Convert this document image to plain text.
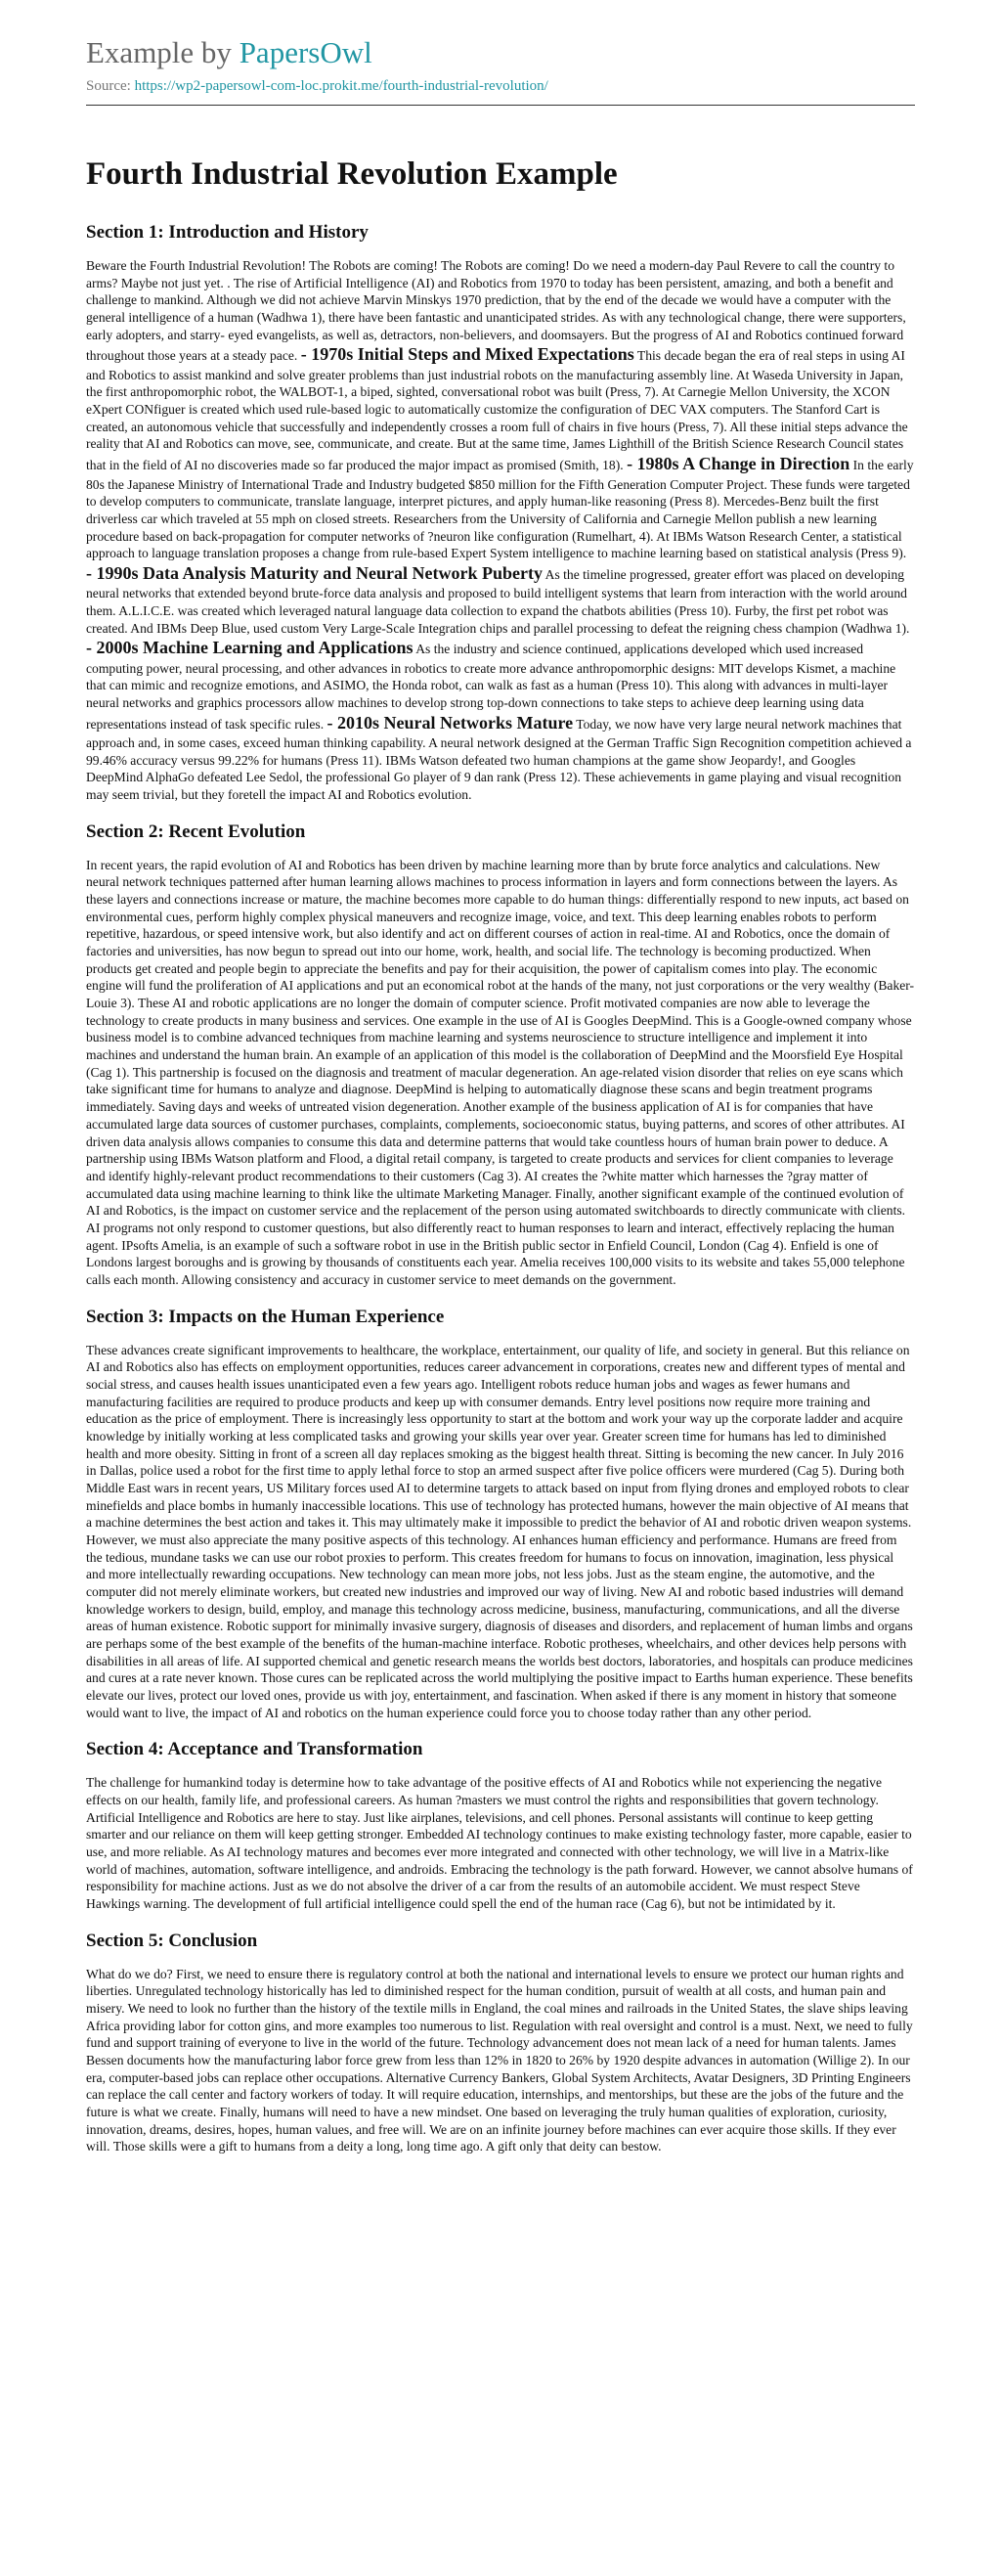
Example by PapersOwl

Source: https://wp2-papersowl-com-loc.prokit.me/fourth-industrial-revolution/

Fourth Industrial Revolution Example
Section 1: Introduction and History

Beware the Fourth Industrial Revolution! The Robots are coming! The Robots are coming! Do we need a modern-day Paul Revere to call the country to arms? Maybe not just yet. . The rise of Artificial Intelligence (AI) and Robotics from 1970 to today has been persistent, amazing, and both a benefit and challenge to mankind. Although we did not achieve Marvin Minskys 1970 prediction, that by the end of the decade we would have a computer with the general intelligence of a human (Wadhwa 1), there have been fantastic and unanticipated strides. As with any technological change, there were supporters, early adopters, and starry- eyed evangelists, as well as, detractors, non-believers, and doomsayers. But the progress of AI and Robotics continued forward throughout those years at a steady pace. - 1970s Initial Steps and Mixed Expectations This decade began the era of real steps in using AI and Robotics to assist mankind and solve greater problems than just industrial robots on the manufacturing assembly line. At Waseda University in Japan, the first anthropomorphic robot, the WALBOT-1, a biped, sighted, conversational robot was built (Press, 7). At Carnegie Mellon University, the XCON eXpert CONfiguer is created which used rule-based logic to automatically customize the configuration of DEC VAX computers. The Stanford Cart is created, an autonomous vehicle that successfully and independently crosses a room full of chairs in five hours (Press, 7). All these initial steps advance the reality that AI and Robotics can move, see, communicate, and create. But at the same time, James Lighthill of the British Science Research Council states that in the field of AI no discoveries made so far produced the major impact as promised (Smith, 18). - 1980s A Change in Direction In the early 80s the Japanese Ministry of International Trade and Industry budgeted $850 million for the Fifth Generation Computer Project. These funds were targeted to develop computers to communicate, translate language, interpret pictures, and apply human-like reasoning (Press 8). Mercedes-Benz built the first driverless car which traveled at 55 mph on closed streets. Researchers from the University of California and Carnegie Mellon publish a new learning procedure based on back-propagation for computer networks of ?neuron like configuration (Rumelhart, 4). At IBMs Watson Research Center, a statistical approach to language translation proposes a change from rule-based Expert System intelligence to machine learning based on statistical analysis (Press 9). - 1990s Data Analysis Maturity and Neural Network Puberty As the timeline progressed, greater effort was placed on developing neural networks that extended beyond brute-force data analysis and proposed to build intelligent systems that learn from interaction with the world around them. A.L.I.C.E. was created which leveraged natural language data collection to expand the chatbots abilities (Press 10). Furby, the first pet robot was created. And IBMs Deep Blue, used custom Very Large-Scale Integration chips and parallel processing to defeat the reigning chess champion (Wadhwa 1). - 2000s Machine Learning and Applications As the industry and science continued, applications developed which used increased computing power, neural processing, and other advances in robotics to create more advance anthropomorphic designs: MIT develops Kismet, a machine that can mimic and recognize emotions, and ASIMO, the Honda robot, can walk as fast as a human (Press 10). This along with advances in multi-layer neural networks and graphics processors allow machines to develop strong top-down connections to take steps to achieve deep learning using data representations instead of task specific rules. - 2010s Neural Networks Mature Today, we now have very large neural network machines that approach and, in some cases, exceed human thinking capability. A neural network designed at the German Traffic Sign Recognition competition achieved a 99.46% accuracy versus 99.22% for humans (Press 11). IBMs Watson defeated two human champions at the game show Jeopardy!, and Googles DeepMind AlphaGo defeated Lee Sedol, the professional Go player of 9 dan rank (Press 12). These achievements in game playing and visual recognition may seem trivial, but they foretell the impact AI and Robotics evolution.

Section 2: Recent Evolution

In recent years, the rapid evolution of AI and Robotics has been driven by machine learning more than by brute force analytics and calculations. New neural network techniques patterned after human learning allows machines to process information in layers and form connections between the layers. As these layers and connections increase or mature, the machine becomes more capable to do human things: differentially respond to new inputs, act based on environmental cues, perform highly complex physical maneuvers and recognize image, voice, and text. This deep learning enables robots to perform repetitive, hazardous, or speed intensive work, but also identify and act on different courses of action in real-time. AI and Robotics, once the domain of factories and universities, has now begun to spread out into our home, work, health, and social life. The technology is becoming productized. When products get created and people begin to appreciate the benefits and pay for their acquisition, the power of capitalism comes into play. The economic engine will fund the proliferation of AI applications and put an economical robot at the hands of the many, not just corporations or the very wealthy (Baker-Louie 3). These AI and robotic applications are no longer the domain of computer science. Profit motivated companies are now able to leverage the technology to create products in many business and services. One example in the use of AI is Googles DeepMind. This is a Google-owned company whose business model is to combine advanced techniques from machine learning and systems neuroscience to structure intelligence and implement it into machines and understand the human brain. An example of an application of this model is the collaboration of DeepMind and the Moorsfield Eye Hospital (Cag 1). This partnership is focused on the diagnosis and treatment of macular degeneration. An age-related vision disorder that relies on eye scans which take significant time for humans to analyze and diagnose. DeepMind is helping to automatically diagnose these scans and begin treatment programs immediately. Saving days and weeks of untreated vision degeneration. Another example of the business application of AI is for companies that have accumulated large data sources of customer purchases, complaints, complements, socioeconomic status, buying patterns, and scores of other attributes. AI driven data analysis allows companies to consume this data and determine patterns that would take countless hours of human brain power to deduce. A partnership using IBMs Watson platform and Flood, a digital retail company, is targeted to create products and services for client companies to leverage and identify highly-relevant product recommendations to their customers (Cag 3). AI creates the ?white matter which harnesses the ?gray matter of accumulated data using machine learning to think like the ultimate Marketing Manager. Finally, another significant example of the continued evolution of AI and Robotics, is the impact on customer service and the replacement of the person using automated switchboards to directly communicate with clients. AI programs not only respond to customer questions, but also differently react to human responses to learn and interact, effectively replacing the human agent. IPsofts Amelia, is an example of such a software robot in use in the British public sector in Enfield Council, London (Cag 4). Enfield is one of Londons largest boroughs and is growing by thousands of constituents each year. Amelia receives 100,000 visits to its website and takes 55,000 telephone calls each month. Allowing consistency and accuracy in customer service to meet demands on the government.

Section 3: Impacts on the Human Experience

These advances create significant improvements to healthcare, the workplace, entertainment, our quality of life, and society in general. But this reliance on AI and Robotics also has effects on employment opportunities, reduces career advancement in corporations, creates new and different types of mental and social stress, and causes health issues unanticipated even a few years ago. Intelligent robots reduce human jobs and wages as fewer humans and manufacturing facilities are required to produce products and keep up with consumer demands. Entry level positions now require more training and education as the price of employment. There is increasingly less opportunity to start at the bottom and work your way up the corporate ladder and acquire knowledge by initially working at less complicated tasks and growing your skills year over year. Greater screen time for humans has led to diminished health and more obesity. Sitting in front of a screen all day replaces smoking as the biggest health threat. Sitting is becoming the new cancer. In July 2016 in Dallas, police used a robot for the first time to apply lethal force to stop an armed suspect after five police officers were murdered (Cag 5). During both Middle East wars in recent years, US Military forces used AI to determine targets to attack based on input from flying drones and employed robots to clear minefields and place bombs in humanly inaccessible locations. This use of technology has protected humans, however the main objective of AI means that a machine determines the best action and takes it. This may ultimately make it impossible to predict the behavior of AI and robotic driven weapon systems. However, we must also appreciate the many positive aspects of this technology. AI enhances human efficiency and performance. Humans are freed from the tedious, mundane tasks we can use our robot proxies to perform. This creates freedom for humans to focus on innovation, imagination, less physical and more intellectually rewarding occupations. New technology can mean more jobs, not less jobs. Just as the steam engine, the automotive, and the computer did not merely eliminate workers, but created new industries and improved our way of living. New AI and robotic based industries will demand knowledge workers to design, build, employ, and manage this technology across medicine, business, manufacturing, communications, and all the diverse areas of human existence. Robotic support for minimally invasive surgery, diagnosis of diseases and disorders, and replacement of human limbs and organs are perhaps some of the best example of the benefits of the human-machine interface. Robotic protheses, wheelchairs, and other devices help persons with disabilities in all areas of life. AI supported chemical and genetic research means the worlds best doctors, laboratories, and hospitals can produce medicines and cures at a rate never known. Those cures can be replicated across the world multiplying the positive impact to Earths human experience. These benefits elevate our lives, protect our loved ones, provide us with joy, entertainment, and fascination. When asked if there is any moment in history that someone would want to live, the impact of AI and robotics on the human experience could force you to choose today rather than any other period.

Section 4: Acceptance and Transformation

The challenge for humankind today is determine how to take advantage of the positive effects of AI and Robotics while not experiencing the negative effects on our health, family life, and professional careers. As human ?masters we must control the rights and responsibilities that govern technology. Artificial Intelligence and Robotics are here to stay. Just like airplanes, televisions, and cell phones. Personal assistants will continue to keep getting smarter and our reliance on them will keep getting stronger. Embedded AI technology continues to make existing technology faster, more capable, easier to use, and more reliable. As AI technology matures and becomes ever more integrated and connected with other technology, we will live in a Matrix-like world of machines, automation, software intelligence, and androids. Embracing the technology is the path forward. However, we cannot absolve humans of responsibility for machine actions. Just as we do not absolve the driver of a car from the results of an automobile accident. We must respect Steve Hawkings warning. The development of full artificial intelligence could spell the end of the human race (Cag 6), but not be intimidated by it.

Section 5: Conclusion

What do we do? First, we need to ensure there is regulatory control at both the national and international levels to ensure we protect our human rights and liberties. Unregulated technology historically has led to diminished respect for the human condition, pursuit of wealth at all costs, and human pain and misery. We need to look no further than the history of the textile mills in England, the coal mines and railroads in the United States, the slave ships leaving Africa providing labor for cotton gins, and more examples too numerous to list. Regulation with real oversight and control is a must. Next, we need to fully fund and support training of everyone to live in the world of the future. Technology advancement does not mean lack of a need for human talents. James Bessen documents how the manufacturing labor force grew from less than 12% in 1820 to 26% by 1920 despite advances in automation (Willige 2). In our era, computer-based jobs can replace other occupations. Alternative Currency Bankers, Global System Architects, Avatar Designers, 3D Printing Engineers can replace the call center and factory workers of today. It will require education, internships, and mentorships, but these are the jobs of the future and the future is what we create. Finally, humans will need to have a new mindset. One based on leveraging the truly human qualities of exploration, curiosity, innovation, dreams, desires, hopes, human values, and free will. We are on an infinite journey before machines can ever acquire those skills. If they ever will. Those skills were a gift to humans from a deity a long, long time ago. A gift only that deity can bestow.
